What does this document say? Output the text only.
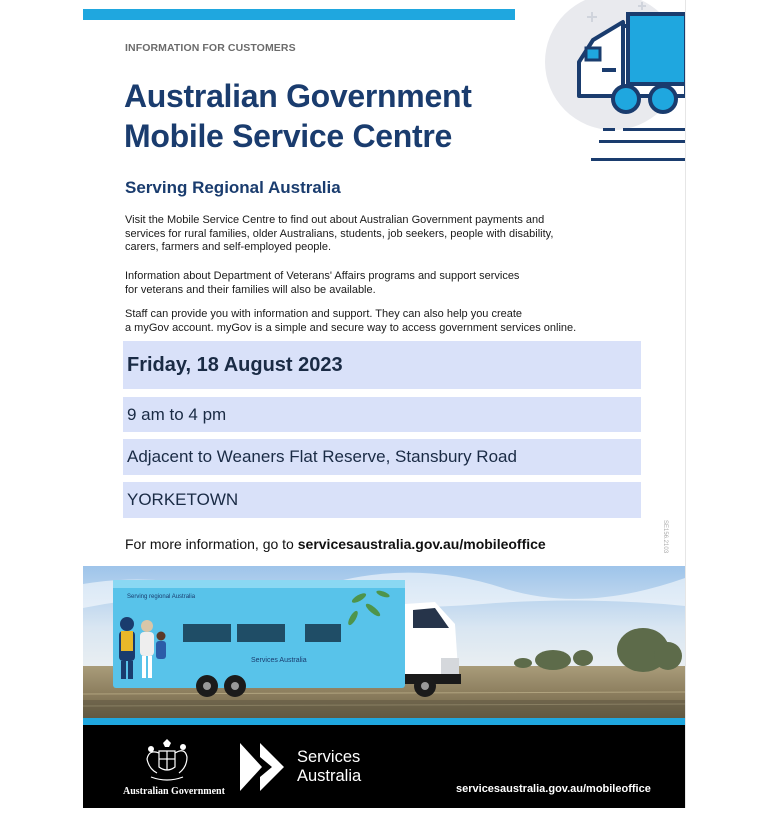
INFORMATION FOR CUSTOMERS
Australian Government
Mobile Service Centre
Serving Regional Australia
Visit the Mobile Service Centre to find out about Australian Government payments and
services for rural families, older Australians, students, job seekers, people with disability,
carers, farmers and self-employed people.
Information about Department of Veterans' Affairs programs and support services
for veterans and their families will also be available.
Staff can provide you with information and support. They can also help you create
a myGov account. myGov is a simple and secure way to access government services online.
Friday, 18 August 2023
9 am to 4 pm
Adjacent to Weaners Flat Reserve, Stansbury Road
YORKETOWN
For more information, go to servicesaustralia.gov.au/mobileoffice	SE156.2103
Serving regional Australia
Services Australia
Australian Government
Services
Australia
servicesaustralia.gov.au/mobileoffice
